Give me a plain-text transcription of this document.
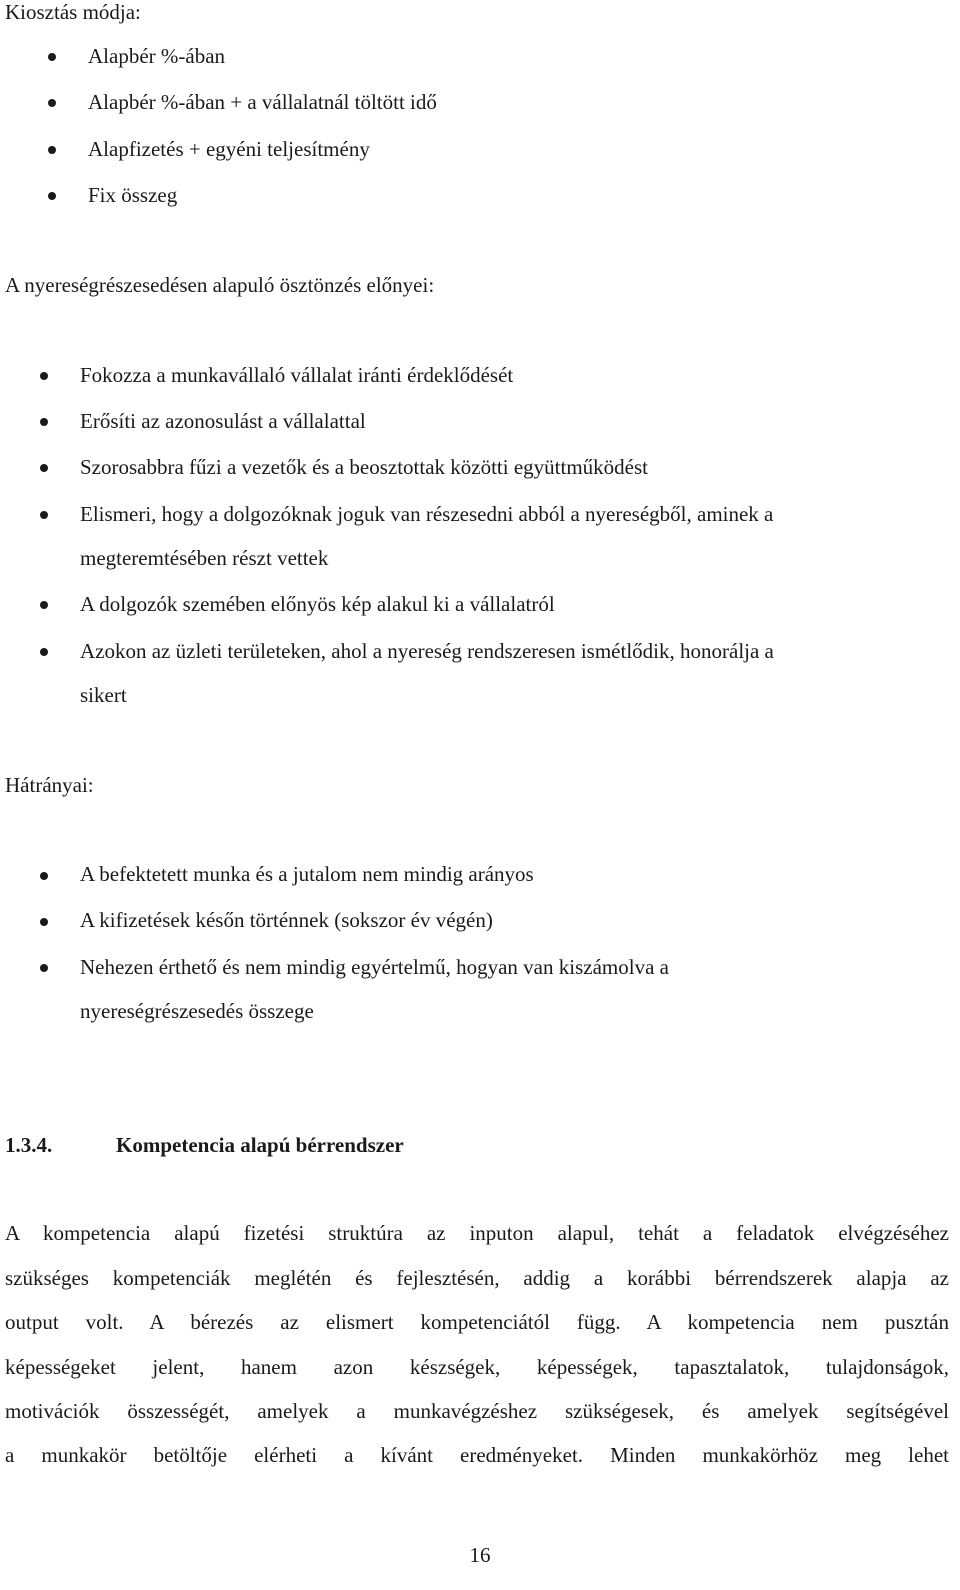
Kiosztás módja:
Alapbér %-ában
Alapbér %-ában + a vállalatnál töltött idő
Alapfizetés + egyéni teljesítmény
Fix összeg
A nyereségrészesedésen alapuló ösztönzés előnyei:
Fokozza a munkavállaló vállalat iránti érdeklődését
Erősíti az azonosulást a vállalattal
Szorosabbra fűzi a vezetők és a beosztottak közötti együttműködést
Elismeri, hogy a dolgozóknak joguk van részesedni abból a nyereségből, aminek a
megteremtésében részt vettek
A dolgozók szemében előnyös kép alakul ki a vállalatról
Azokon az üzleti területeken, ahol a nyereség rendszeresen ismétlődik, honorálja a
sikert
Hátrányai:
A befektetett munka és a jutalom nem mindig arányos
A kifizetések későn történnek (sokszor év végén)
Nehezen érthető és nem mindig egyértelmű, hogyan van kiszámolva a
nyereségrészesedés összege
1.3.4.	Kompetencia alapú bérrendszer
A kompetencia alapú fizetési struktúra az inputon alapul, tehát a feladatok elvégzéséhez
szükséges kompetenciák meglétén és fejlesztésén, addig a korábbi bérrendszerek alapja az
output volt. A bérezés az elismert kompetenciától függ. A kompetencia nem pusztán
képességeket jelent, hanem azon készségek, képességek, tapasztalatok, tulajdonságok,
motivációk összességét, amelyek a munkavégzéshez szükségesek, és amelyek segítségével
a munkakör betöltője elérheti a kívánt eredményeket. Minden munkakörhöz meg lehet
16
